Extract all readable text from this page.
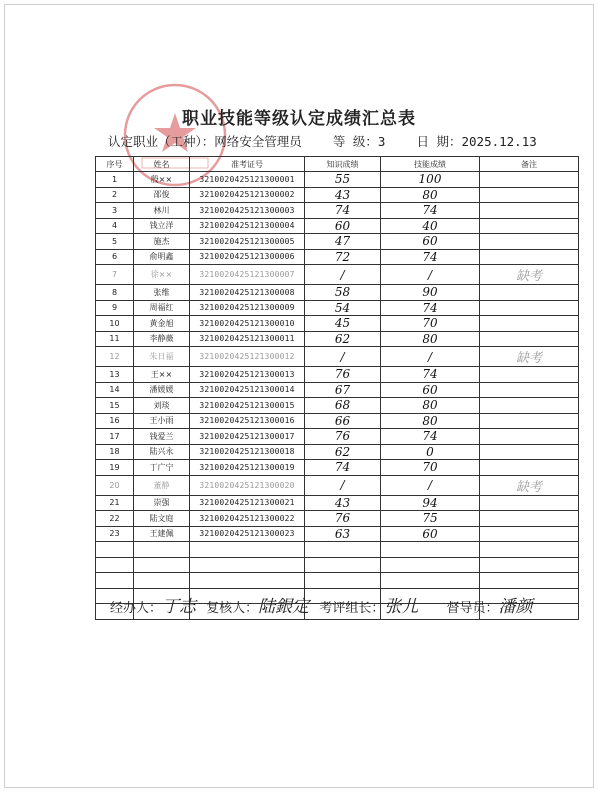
职业技能等级认定成绩汇总表
认定职业（工种）：网络安全管理员 等 级：3 日 期：2025.12.13
序号	姓名	准考证号	知识成绩	技能成绩	备注
1	殷××	3210020425121300001	55	100	
2	邵俊	3210020425121300002	43	80	
3	林川	3210020425121300003	74	74	
4	钱立洋	3210020425121300004	60	40	
5	施杰	3210020425121300005	47	60	
6	俞明鑫	3210020425121300006	72	74	
7	徐××	3210020425121300007	/	/	缺考
8	张维	3210020425121300008	58	90	
9	周福红	3210020425121300009	54	74	
10	黄金旭	3210020425121300010	45	70	
11	李静薇	3210020425121300011	62	80	
12	朱日福	3210020425121300012	/	/	缺考
13	王××	3210020425121300013	76	74	
14	潘媛媛	3210020425121300014	67	60	
15	刘琰	3210020425121300015	68	80	
16	王小雨	3210020425121300016	66	80	
17	钱爱兰	3210020425121300017	76	74	
18	陆兴永	3210020425121300018	62	0	
19	丁广宁	3210020425121300019	74	70	
20	董静	3210020425121300020	/	/	缺考
21	崇强	3210020425121300021	43	94	
22	陆文庭	3210020425121300022	76	75	
23	王建佩	3210020425121300023	63	60	

经办人：丁志 复核人：陆銀定 考评组长：张儿 督导员：潘颜
